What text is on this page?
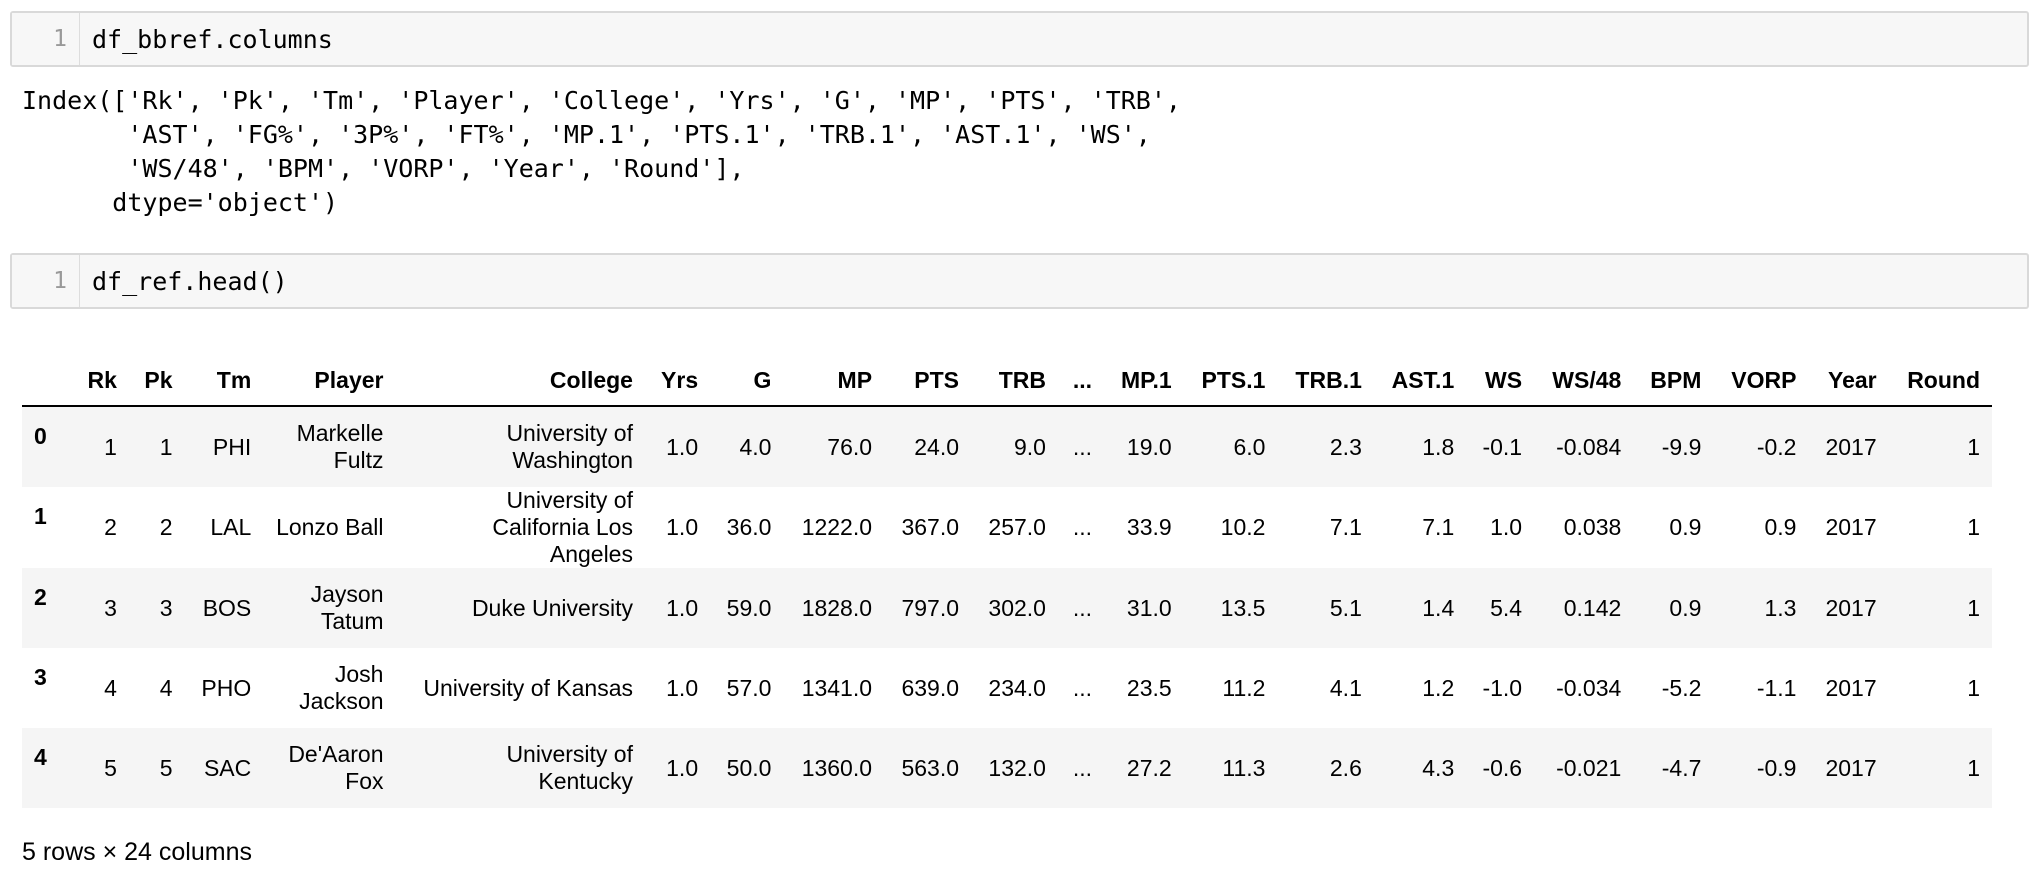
1	df_bbref.columns
Index(['Rk', 'Pk', 'Tm', 'Player', 'College', 'Yrs', 'G', 'MP', 'PTS', 'TRB',
'AST', 'FG%', '3P%', 'FT%', 'MP.1', 'PTS.1', 'TRB.1', 'AST.1', 'WS',
'WS/48', 'BPM', 'VORP', 'Year', 'Round'],
dtype='object')
1	df_ref.head()
	Rk	Pk	Tm	Player	College	Yrs	G	MP	PTS	TRB	...	MP.1	PTS.1	TRB.1	AST.1	WS	WS/48	BPM	VORP	Year	Round
0	1	1	PHI	Markelle Fultz	University of Washington	1.0	4.0	76.0	24.0	9.0	...	19.0	6.0	2.3	1.8	-0.1	-0.084	-9.9	-0.2	2017	1
1	2	2	LAL	Lonzo Ball	University of California Los Angeles	1.0	36.0	1222.0	367.0	257.0	...	33.9	10.2	7.1	7.1	1.0	0.038	0.9	0.9	2017	1
2	3	3	BOS	Jayson Tatum	Duke University	1.0	59.0	1828.0	797.0	302.0	...	31.0	13.5	5.1	1.4	5.4	0.142	0.9	1.3	2017	1
3	4	4	PHO	Josh Jackson	University of Kansas	1.0	57.0	1341.0	639.0	234.0	...	23.5	11.2	4.1	1.2	-1.0	-0.034	-5.2	-1.1	2017	1
4	5	5	SAC	De'Aaron Fox	University of Kentucky	1.0	50.0	1360.0	563.0	132.0	...	27.2	11.3	2.6	4.3	-0.6	-0.021	-4.7	-0.9	2017	1
5 rows × 24 columns
